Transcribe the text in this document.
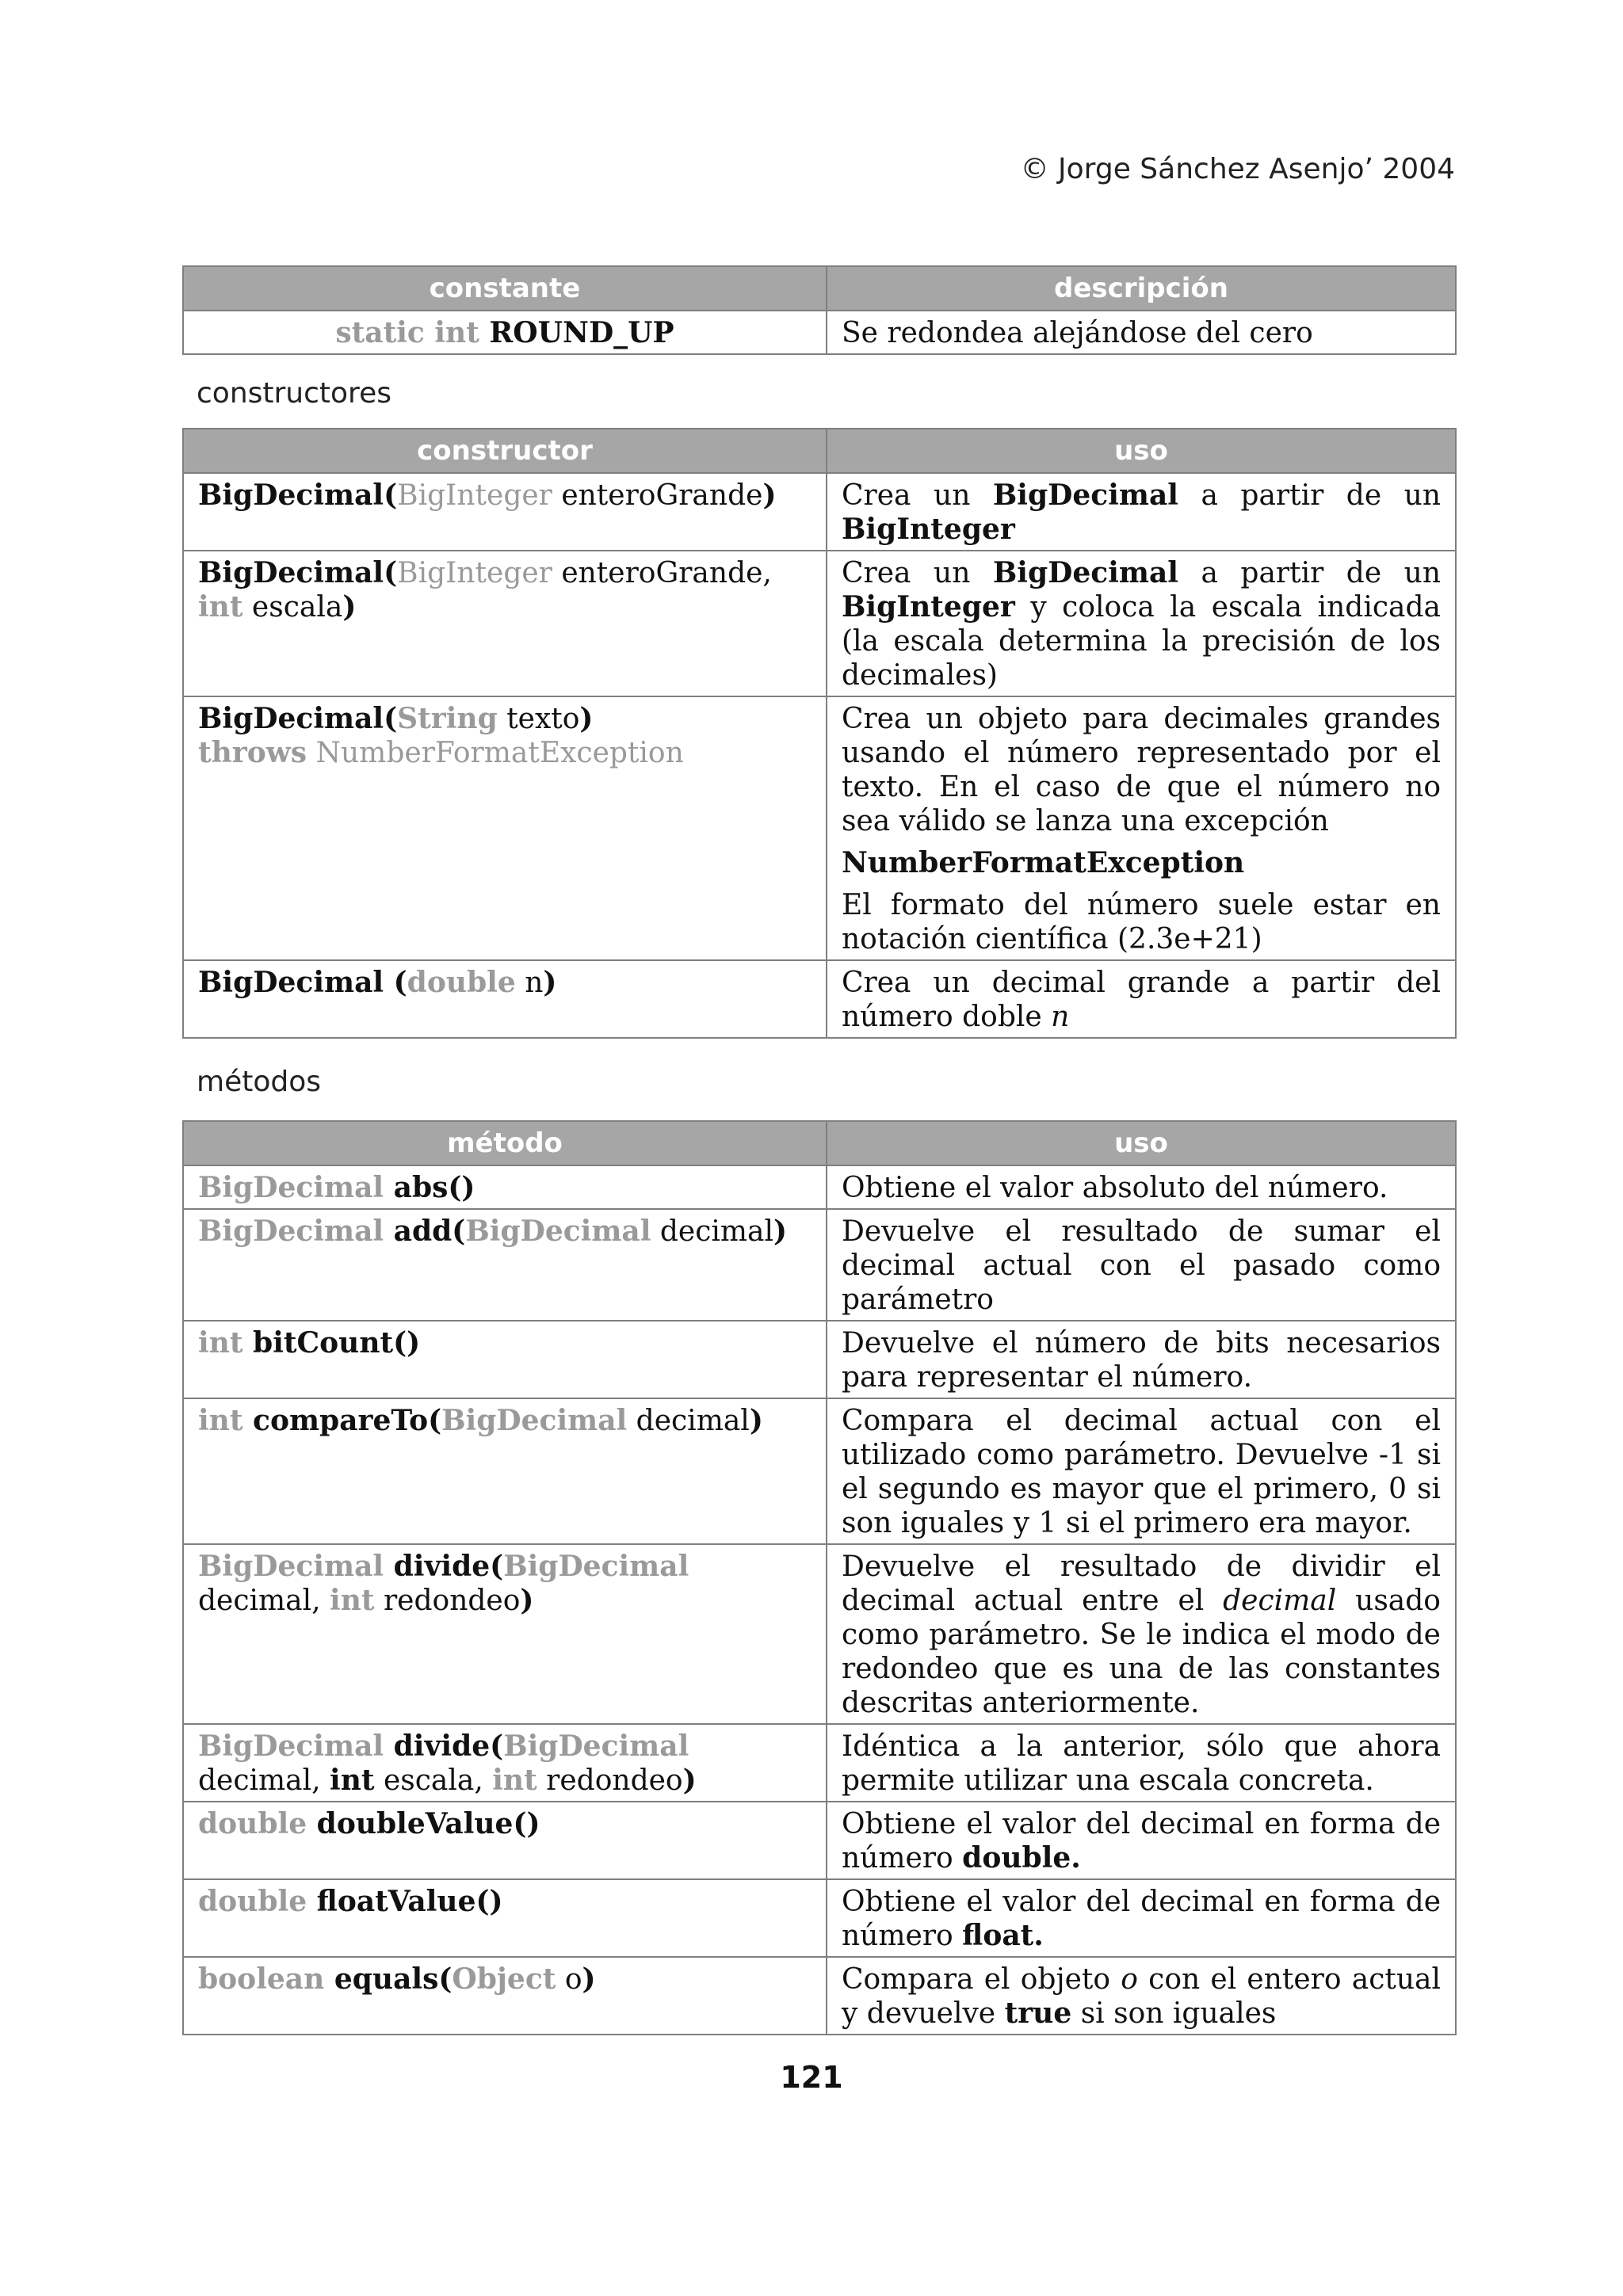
© Jorge Sánchez Asenjo’ 2004
constante	descripción
static int ROUND_UP	Se redondea alejándose del cero
constructores
constructor	uso
BigDecimal(BigInteger enteroGrande)	Crea un BigDecimal a partir de un BigInteger

BigDecimal(BigInteger enteroGrande, int escala)	Crea un BigDecimal a partir de un BigInteger y coloca la escala indicada (la escala determina la precisión de los decimales)

BigDecimal(String texto)
throws NumberFormatException	Crea un objeto para decimales grandes usando el número representado por el texto. En el caso de que el número no sea válido se lanza una excepción
NumberFormatException
El formato del número suele estar en notación científica (2.3e+21)

BigDecimal (double n)	Crea un decimal grande a partir del número doble n
métodos
método	uso
BigDecimal abs()	Obtiene el valor absoluto del número.

BigDecimal add(BigDecimal decimal)	Devuelve el resultado de sumar el decimal actual con el pasado como parámetro

int bitCount()	Devuelve el número de bits necesarios para representar el número.

int compareTo(BigDecimal decimal)	Compara el decimal actual con el utilizado como parámetro. Devuelve -1 si el segundo es mayor que el primero, 0 si son iguales y 1 si el primero era mayor.

BigDecimal divide(BigDecimal decimal, int redondeo)	Devuelve el resultado de dividir el decimal actual entre el decimal usado como parámetro. Se le indica el modo de redondeo que es una de las constantes descritas anteriormente.

BigDecimal divide(BigDecimal decimal, int escala, int redondeo)	Idéntica a la anterior, sólo que ahora permite utilizar una escala concreta.

double doubleValue()	Obtiene el valor del decimal en forma de número double.

double floatValue()	Obtiene el valor del decimal en forma de número float.

boolean equals(Object o)	Compara el objeto o con el entero actual y devuelve true si son iguales
121
